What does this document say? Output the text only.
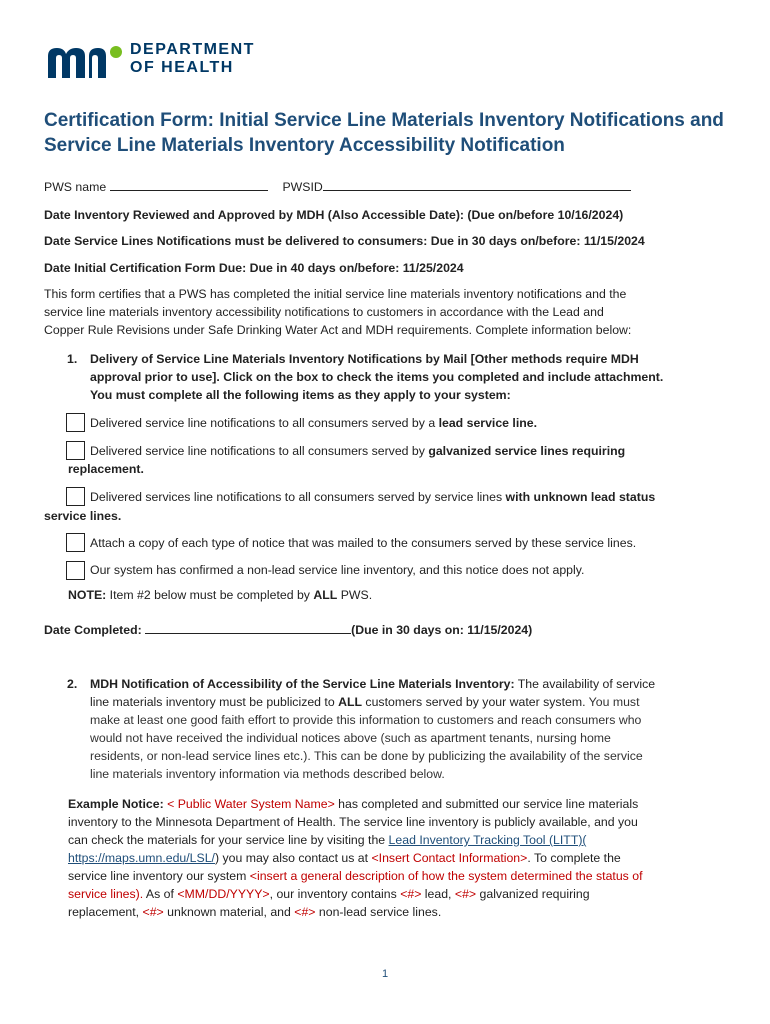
DEPARTMENT
OF HEALTH
Certification Form: Initial Service Line Materials Inventory Notifications and
Service Line Materials Inventory Accessibility Notification
PWS name	PWSID
Date Inventory Reviewed and Approved by MDH (Also Accessible Date): (Due on/before 10/16/2024)
Date Service Lines Notifications must be delivered to consumers: Due in 30 days on/before: 11/15/2024
Date Initial Certification Form Due: Due in 40 days on/before: 11/25/2024
This form certifies that a PWS has completed the initial service line materials inventory notifications and the
service line materials inventory accessibility notifications to customers in accordance with the Lead and
Copper Rule Revisions under Safe Drinking Water Act and MDH requirements. Complete information below:
1. Delivery of Service Line Materials Inventory Notifications by Mail [Other methods require MDH
approval prior to use]. Click on the box to check the items you completed and include attachment.
You must complete all the following items as they apply to your system:
Delivered service line notifications to all consumers served by a lead service line.
Delivered service line notifications to all consumers served by galvanized service lines requiring
replacement.
Delivered services line notifications to all consumers served by service lines with unknown lead status
service lines.
Attach a copy of each type of notice that was mailed to the consumers served by these service lines.
Our system has confirmed a non-lead service line inventory, and this notice does not apply.
NOTE: Item #2 below must be completed by ALL PWS.
Date Completed:	(Due in 30 days on: 11/15/2024)
2. MDH Notification of Accessibility of the Service Line Materials Inventory: The availability of service
line materials inventory must be publicized to ALL customers served by your water system. You must
make at least one good faith effort to provide this information to customers and reach consumers who
would not have received the individual notices above (such as apartment tenants, nursing home
residents, or non-lead service lines etc.). This can be done by publicizing the availability of the service
line materials inventory information via methods described below.
Example Notice: < Public Water System Name> has completed and submitted our service line materials
inventory to the Minnesota Department of Health. The service line inventory is publicly available, and you
can check the materials for your service line by visiting the Lead Inventory Tracking Tool (LITT)(
https://maps.umn.edu/LSL/) you may also contact us at <Insert Contact Information>. To complete the
service line inventory our system <insert a general description of how the system determined the status of
service lines). As of <MM/DD/YYYY>, our inventory contains <#> lead, <#> galvanized requiring
replacement, <#> unknown material, and <#> non-lead service lines.
1
